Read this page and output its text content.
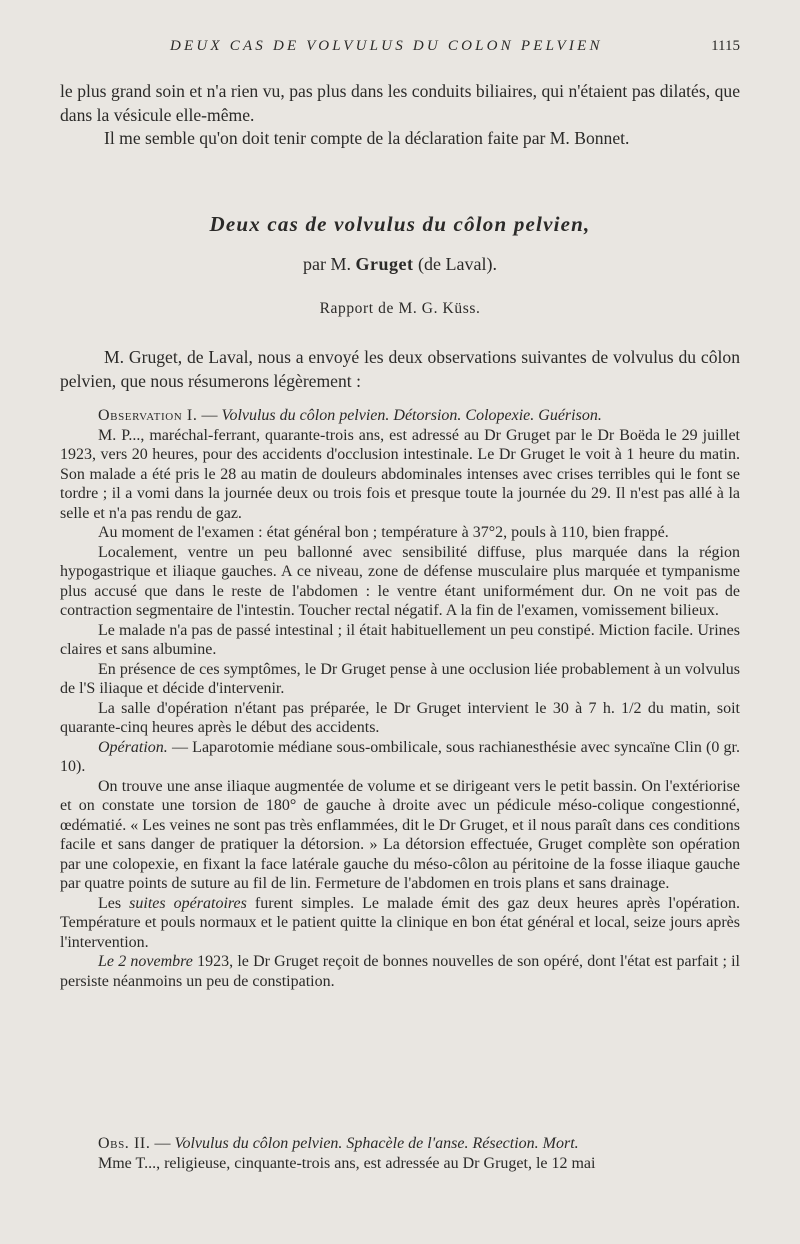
DEUX CAS DE VOLVULUS DU COLON PELVIEN	1115

le plus grand soin et n'a rien vu, pas plus dans les conduits biliaires, qui n'étaient pas dilatés, que dans la vésicule elle-même.

Il me semble qu'on doit tenir compte de la déclaration faite par M. Bonnet.

Deux cas de volvulus du côlon pelvien,
par M. Gruget (de Laval).
Rapport de M. G. Küss.

M. Gruget, de Laval, nous a envoyé les deux observations suivantes de volvulus du côlon pelvien, que nous résumerons légèrement :

Observation I. — Volvulus du côlon pelvien. Détorsion. Colopexie. Guérison.

M. P..., maréchal-ferrant, quarante-trois ans, est adressé au Dr Gruget par le Dr Boëda le 29 juillet 1923, vers 20 heures, pour des accidents d'occlusion intestinale. Le Dr Gruget le voit à 1 heure du matin. Son malade a été pris le 28 au matin de douleurs abdominales intenses avec crises terribles qui le font se tordre ; il a vomi dans la journée deux ou trois fois et presque toute la journée du 29. Il n'est pas allé à la selle et n'a pas rendu de gaz.

Au moment de l'examen : état général bon ; température à 37°2, pouls à 110, bien frappé.

Localement, ventre un peu ballonné avec sensibilité diffuse, plus marquée dans la région hypogastrique et iliaque gauches. A ce niveau, zone de défense musculaire plus marquée et tympanisme plus accusé que dans le reste de l'abdomen : le ventre étant uniformément dur. On ne voit pas de contraction segmentaire de l'intestin. Toucher rectal négatif. A la fin de l'examen, vomissement bilieux.

Le malade n'a pas de passé intestinal ; il était habituellement un peu constipé. Miction facile. Urines claires et sans albumine.

En présence de ces symptômes, le Dr Gruget pense à une occlusion liée probablement à un volvulus de l'S iliaque et décide d'intervenir.

La salle d'opération n'étant pas préparée, le Dr Gruget intervient le 30 à 7 h. 1/2 du matin, soit quarante-cinq heures après le début des accidents.

Opération. — Laparotomie médiane sous-ombilicale, sous rachianesthésie avec syncaïne Clin (0 gr. 10).

On trouve une anse iliaque augmentée de volume et se dirigeant vers le petit bassin. On l'extériorise et on constate une torsion de 180° de gauche à droite avec un pédicule méso-colique congestionné, œdématié. « Les veines ne sont pas très enflammées, dit le Dr Gruget, et il nous paraît dans ces conditions facile et sans danger de pratiquer la détorsion. » La détorsion effectuée, Gruget complète son opération par une colopexie, en fixant la face latérale gauche du méso-côlon au péritoine de la fosse iliaque gauche par quatre points de suture au fil de lin. Fermeture de l'abdomen en trois plans et sans drainage.

Les suites opératoires furent simples. Le malade émit des gaz deux heures après l'opération. Température et pouls normaux et le patient quitte la clinique en bon état général et local, seize jours après l'intervention.

Le 2 novembre 1923, le Dr Gruget reçoit de bonnes nouvelles de son opéré, dont l'état est parfait ; il persiste néanmoins un peu de constipation.

Obs. II. — Volvulus du côlon pelvien. Sphacèle de l'anse. Résection. Mort.

Mme T..., religieuse, cinquante-trois ans, est adressée au Dr Gruget, le 12 mai
